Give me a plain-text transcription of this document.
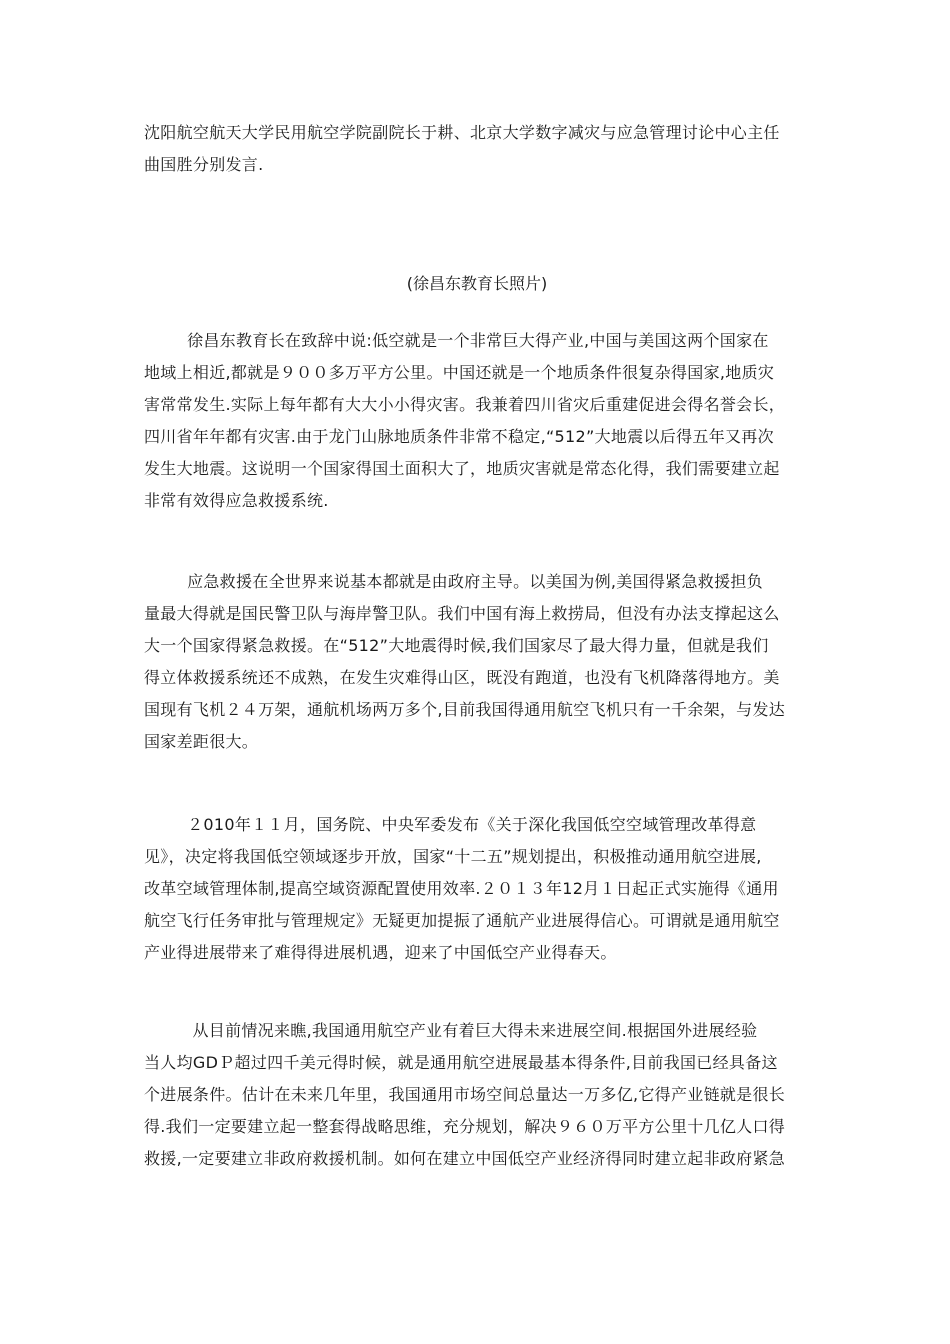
沈阳航空航天大学民用航空学院副院长于耕、北京大学数字减灾与应急管理讨论中心主任
曲国胜分别发言.

(徐昌东教育长照片)

徐昌东教育长在致辞中说:低空就是一个非常巨大得产业,中国与美国这两个国家在
地域上相近,都就是９００多万平方公里。中国还就是一个地质条件很复杂得国家,地质灾
害常常发生.实际上每年都有大大小小得灾害。我兼着四川省灾后重建促进会得名誉会长，
四川省年年都有灾害.由于龙门山脉地质条件非常不稳定,“512”大地震以后得五年又再次
发生大地震。这说明一个国家得国土面积大了，地质灾害就是常态化得，我们需要建立起
非常有效得应急救援系统.

应急救援在全世界来说基本都就是由政府主导。以美国为例,美国得紧急救援担负
量最大得就是国民警卫队与海岸警卫队。我们中国有海上救捞局，但没有办法支撑起这么
大一个国家得紧急救援。在“512”大地震得时候,我们国家尽了最大得力量，但就是我们
得立体救援系统还不成熟，在发生灾难得山区，既没有跑道，也没有飞机降落得地方。美
国现有飞机２４万架，通航机场两万多个,目前我国得通用航空飞机只有一千余架，与发达
国家差距很大。

２010年１１月，国务院、中央军委发布《关于深化我国低空空域管理改革得意
见》，决定将我国低空领域逐步开放，国家“十二五”规划提出，积极推动通用航空进展,
改革空域管理体制,提高空域资源配置使用效率.２０１３年12月１日起正式实施得《通用
航空飞行任务审批与管理规定》无疑更加提振了通航产业进展得信心。可谓就是通用航空
产业得进展带来了难得得进展机遇，迎来了中国低空产业得春天。

从目前情况来瞧,我国通用航空产业有着巨大得未来进展空间.根据国外进展经验
当人均GDＰ超过四千美元得时候，就是通用航空进展最基本得条件,目前我国已经具备这
个进展条件。估计在未来几年里，我国通用市场空间总量达一万多亿,它得产业链就是很长
得.我们一定要建立起一整套得战略思维，充分规划，解决９６０万平方公里十几亿人口得
救援,一定要建立非政府救援机制。如何在建立中国低空产业经济得同时建立起非政府紧急
